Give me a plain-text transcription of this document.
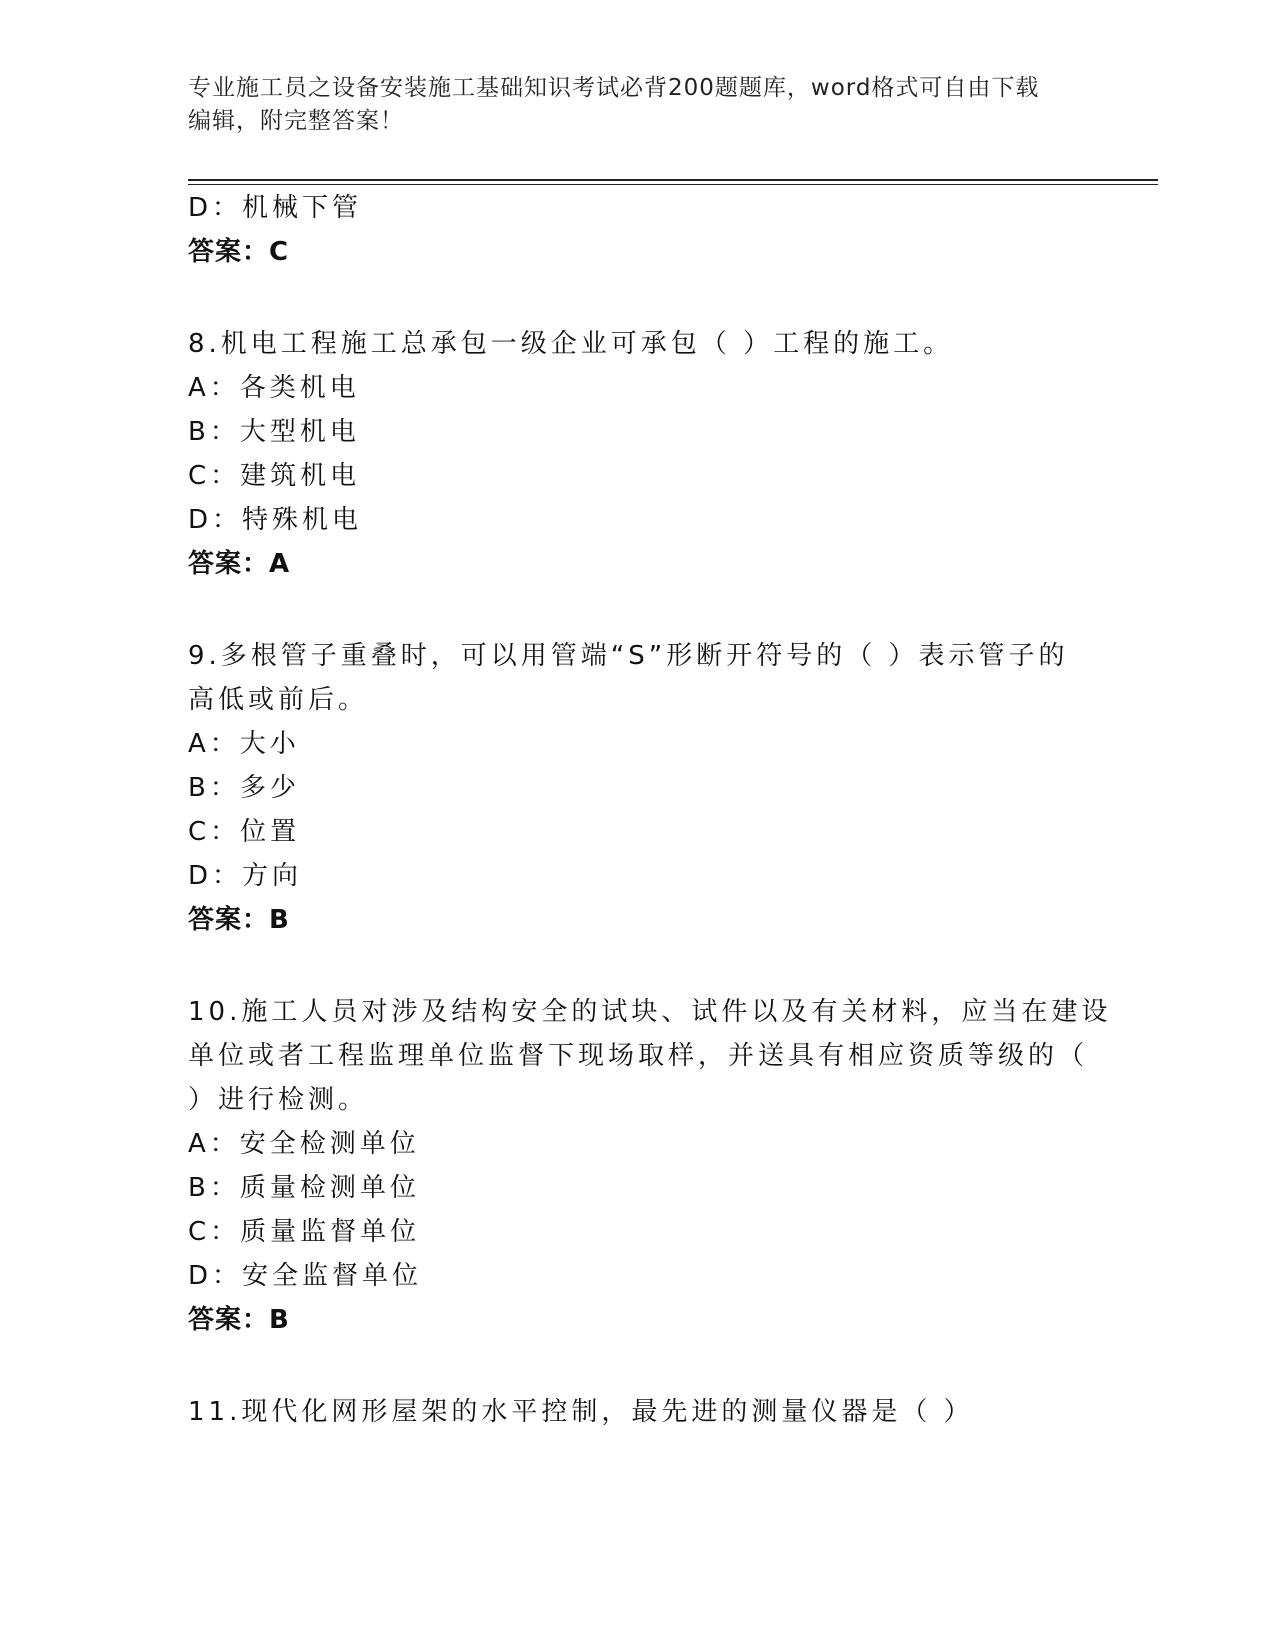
专业施工员之设备安装施工基础知识考试必背200题题库，word格式可自由下载
编辑，附完整答案！
D：机械下管
答案：C
8.机电工程施工总承包一级企业可承包（ ）工程的施工。
A：各类机电
B：大型机电
C：建筑机电
D：特殊机电
答案：A
9.多根管子重叠时，可以用管端“S”形断开符号的（ ）表示管子的
高低或前后。
A：大小
B：多少
C：位置
D：方向
答案：B
10.施工人员对涉及结构安全的试块、试件以及有关材料，应当在建设
单位或者工程监理单位监督下现场取样，并送具有相应资质等级的（
）进行检测。
A：安全检测单位
B：质量检测单位
C：质量监督单位
D：安全监督单位
答案：B
11.现代化网形屋架的水平控制，最先进的测量仪器是（ ）
